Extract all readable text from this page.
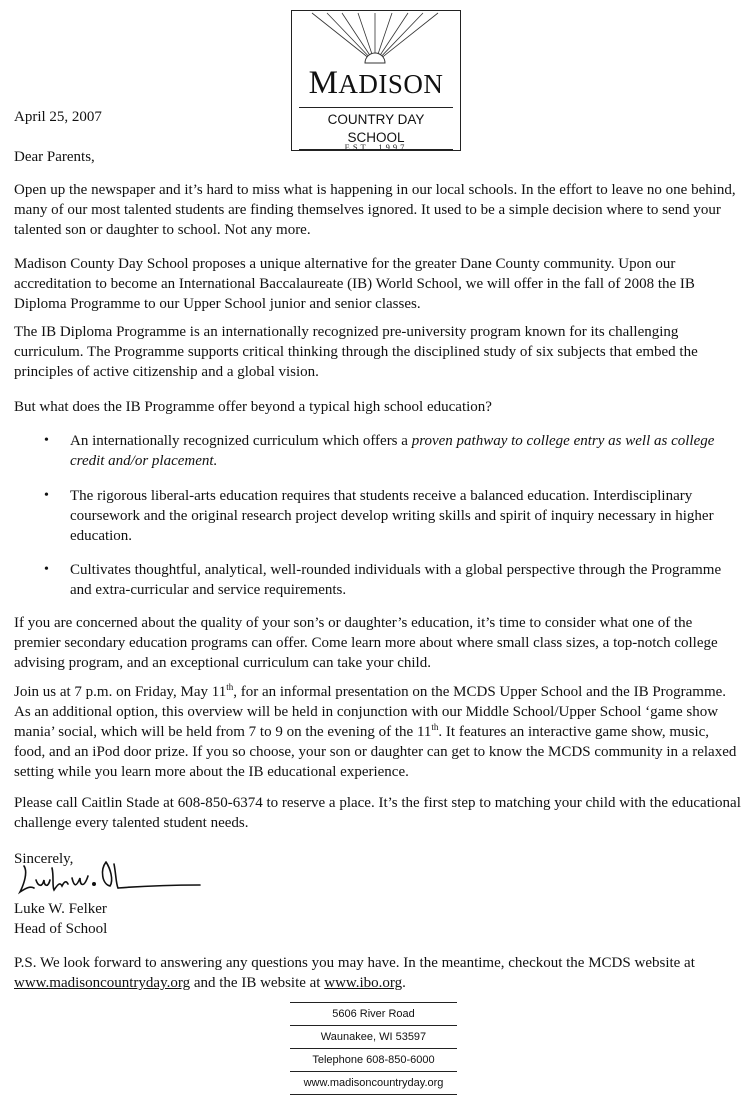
MADISON
COUNTRY DAY SCHOOL
EST. 1997

April 25, 2007

Dear Parents,

Open up the newspaper and it’s hard to miss what is happening in our local schools. In the effort to leave no one behind, many of our most talented students are finding themselves ignored. It used to be a simple decision where to send your talented son or daughter to school. Not any more.

Madison County Day School proposes a unique alternative for the greater Dane County community. Upon our accreditation to become an International Baccalaureate (IB) World School, we will offer in the fall of 2008 the IB Diploma Programme to our Upper School junior and senior classes.

The IB Diploma Programme is an internationally recognized pre-university program known for its challenging curriculum. The Programme supports critical thinking through the disciplined study of six subjects that embed the principles of active citizenship and a global vision.

But what does the IB Programme offer beyond a typical high school education?

• An internationally recognized curriculum which offers a proven pathway to college entry as well as college credit and/or placement.

• The rigorous liberal-arts education requires that students receive a balanced education. Interdisciplinary coursework and the original research project develop writing skills and spirit of inquiry necessary in higher education.

• Cultivates thoughtful, analytical, well-rounded individuals with a global perspective through the Programme and extra-curricular and service requirements.

If you are concerned about the quality of your son’s or daughter’s education, it’s time to consider what one of the premier secondary education programs can offer. Come learn more about where small class sizes, a top-notch college advising program, and an exceptional curriculum can take your child.

Join us at 7 p.m. on Friday, May 11th, for an informal presentation on the MCDS Upper School and the IB Programme. As an additional option, this overview will be held in conjunction with our Middle School/Upper School ‘game show mania’ social, which will be held from 7 to 9 on the evening of the 11th. It features an interactive game show, music, food, and an iPod door prize. If you so choose, your son or daughter can get to know the MCDS community in a relaxed setting while you learn more about the IB educational experience.

Please call Caitlin Stade at 608-850-6374 to reserve a place. It’s the first step to matching your child with the educational challenge every talented student needs.

Sincerely,

Luke W. Felker

Head of School

P.S. We look forward to answering any questions you may have. In the meantime, checkout the MCDS website at www.madisoncountryday.org and the IB website at www.ibo.org.

5606 River Road

Waunakee, WI 53597

Telephone 608-850-6000

www.madisoncountryday.org
